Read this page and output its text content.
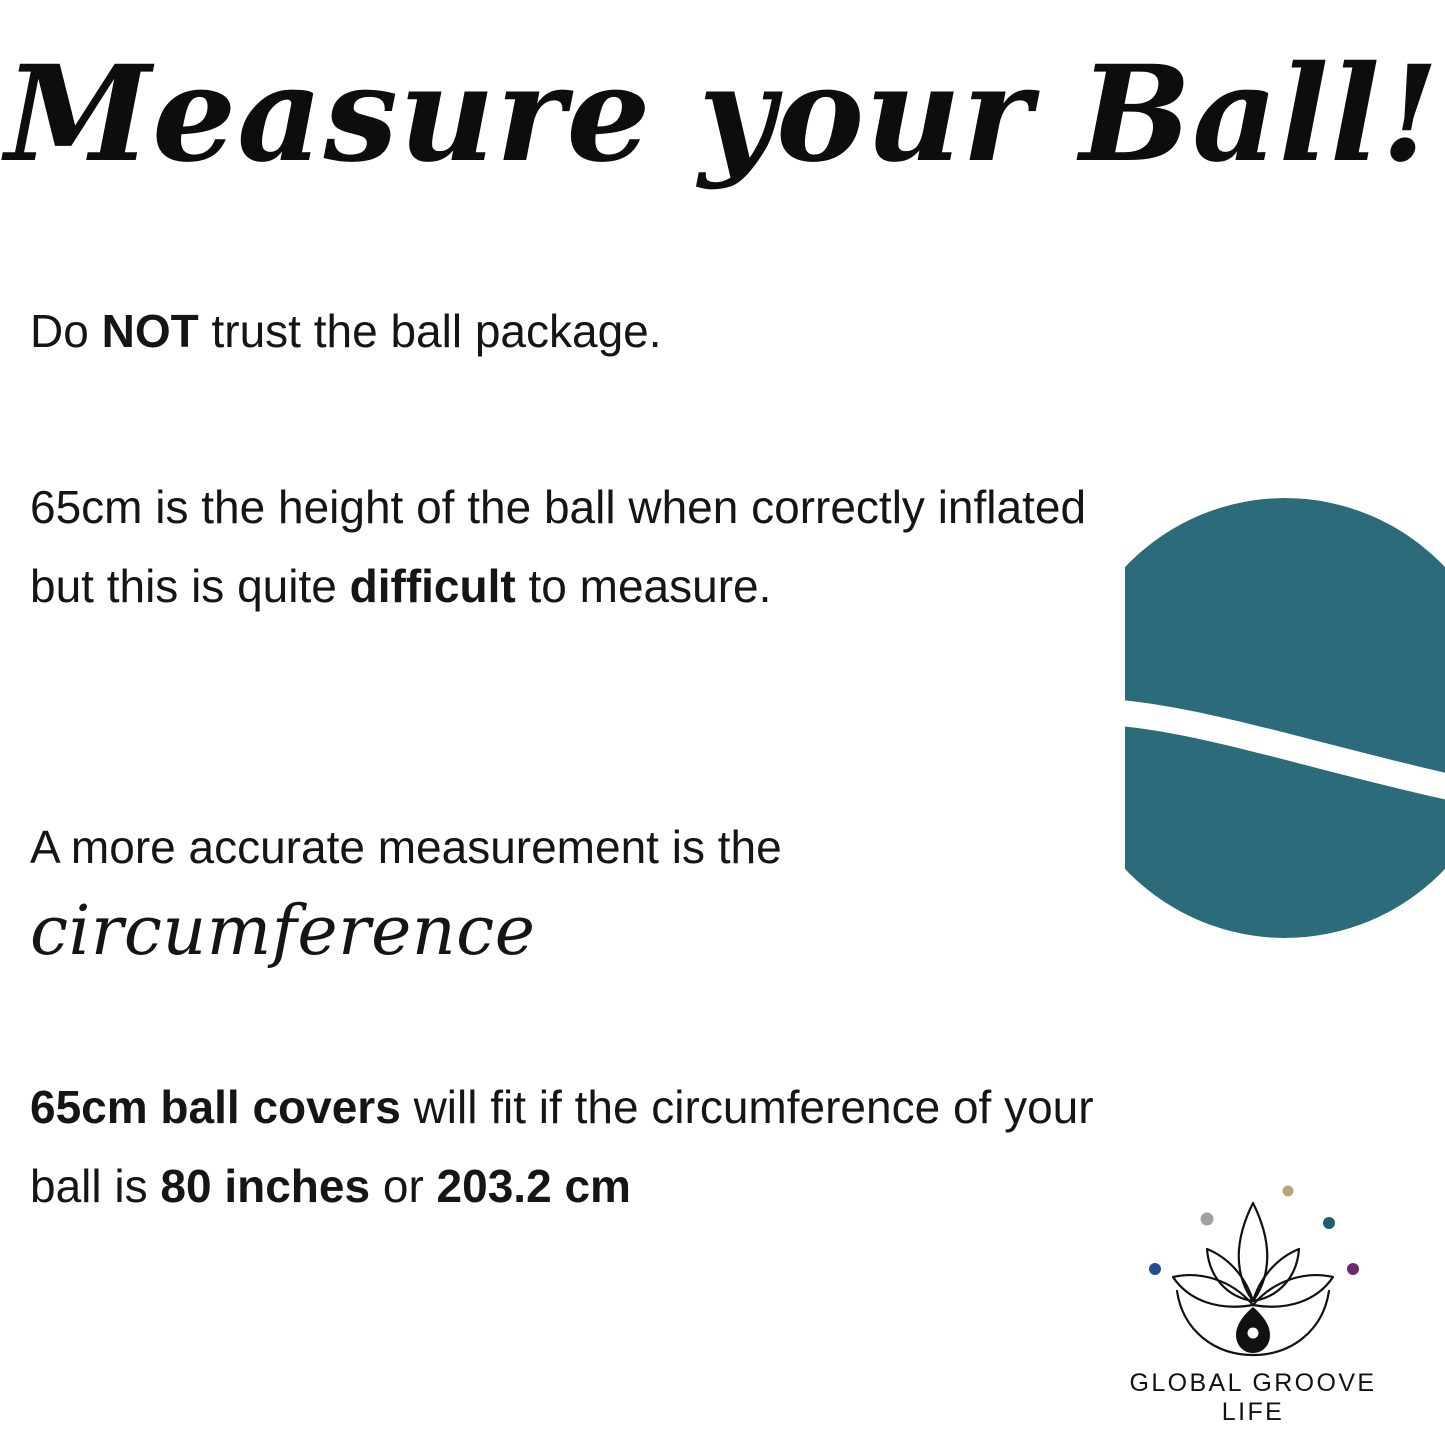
Measure your Ball!
Do NOT trust the ball package.
65cm is the height of the ball when correctly inflated but this is quite difficult to measure.
A more accurate measurement is the
circumference
65cm ball covers will fit if the circumference of your ball is 80 inches or 203.2 cm
GLOBAL GROOVE LIFE
